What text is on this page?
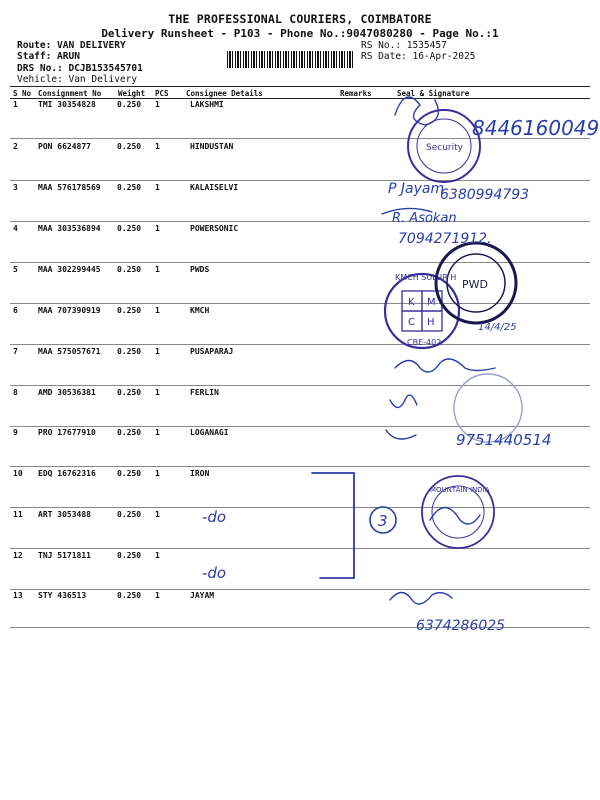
THE PROFESSIONAL COURIERS, COIMBATORE
Delivery Runsheet - P103 - Phone No.:9047080280 - Page No.:1
Route: VAN DELIVERY
Staff: ARUN
DRS No.: DCJB153545701
Vehicle: Van Delivery
RS No.: 1535457
RS Date: 16-Apr-2025
S No Consignment No Weight PCS Consignee Details	Remarks	Seal & Signature
1	TMI 30354828	0.250 1	LAKSHMI
2	PON 6624877	0.250 1	HINDUSTAN
3	MAA 576178569 0.250 1	KALAISELVI
4	MAA 303536894 0.250 1	POWERSONIC
5	MAA 302299445 0.250 1	PWDS
6	MAA 707390919 0.250 1	KMCH
7	MAA 575057671 0.250 1	PUSAPARAJ
8	AMD 30536381	0.250 1	FERLIN
9	PRO 17677910	0.250 1	LOGANAGI
10 EDQ 16762316	0.250 1	IRON
11 ART 3053488	0.250 1
12 TNJ 5171811	0.250 1
13 STY 436513	0.250 1	JAYAM
8446160049
P Jayam
6380994793
R. Asokan
7094271912.
14/4/25
9751440514
-do
-do
3
6374286025
Security
KMCH SULUR H
CBE-402
K M
C H
PWD
MOUNTAIN INDIA
